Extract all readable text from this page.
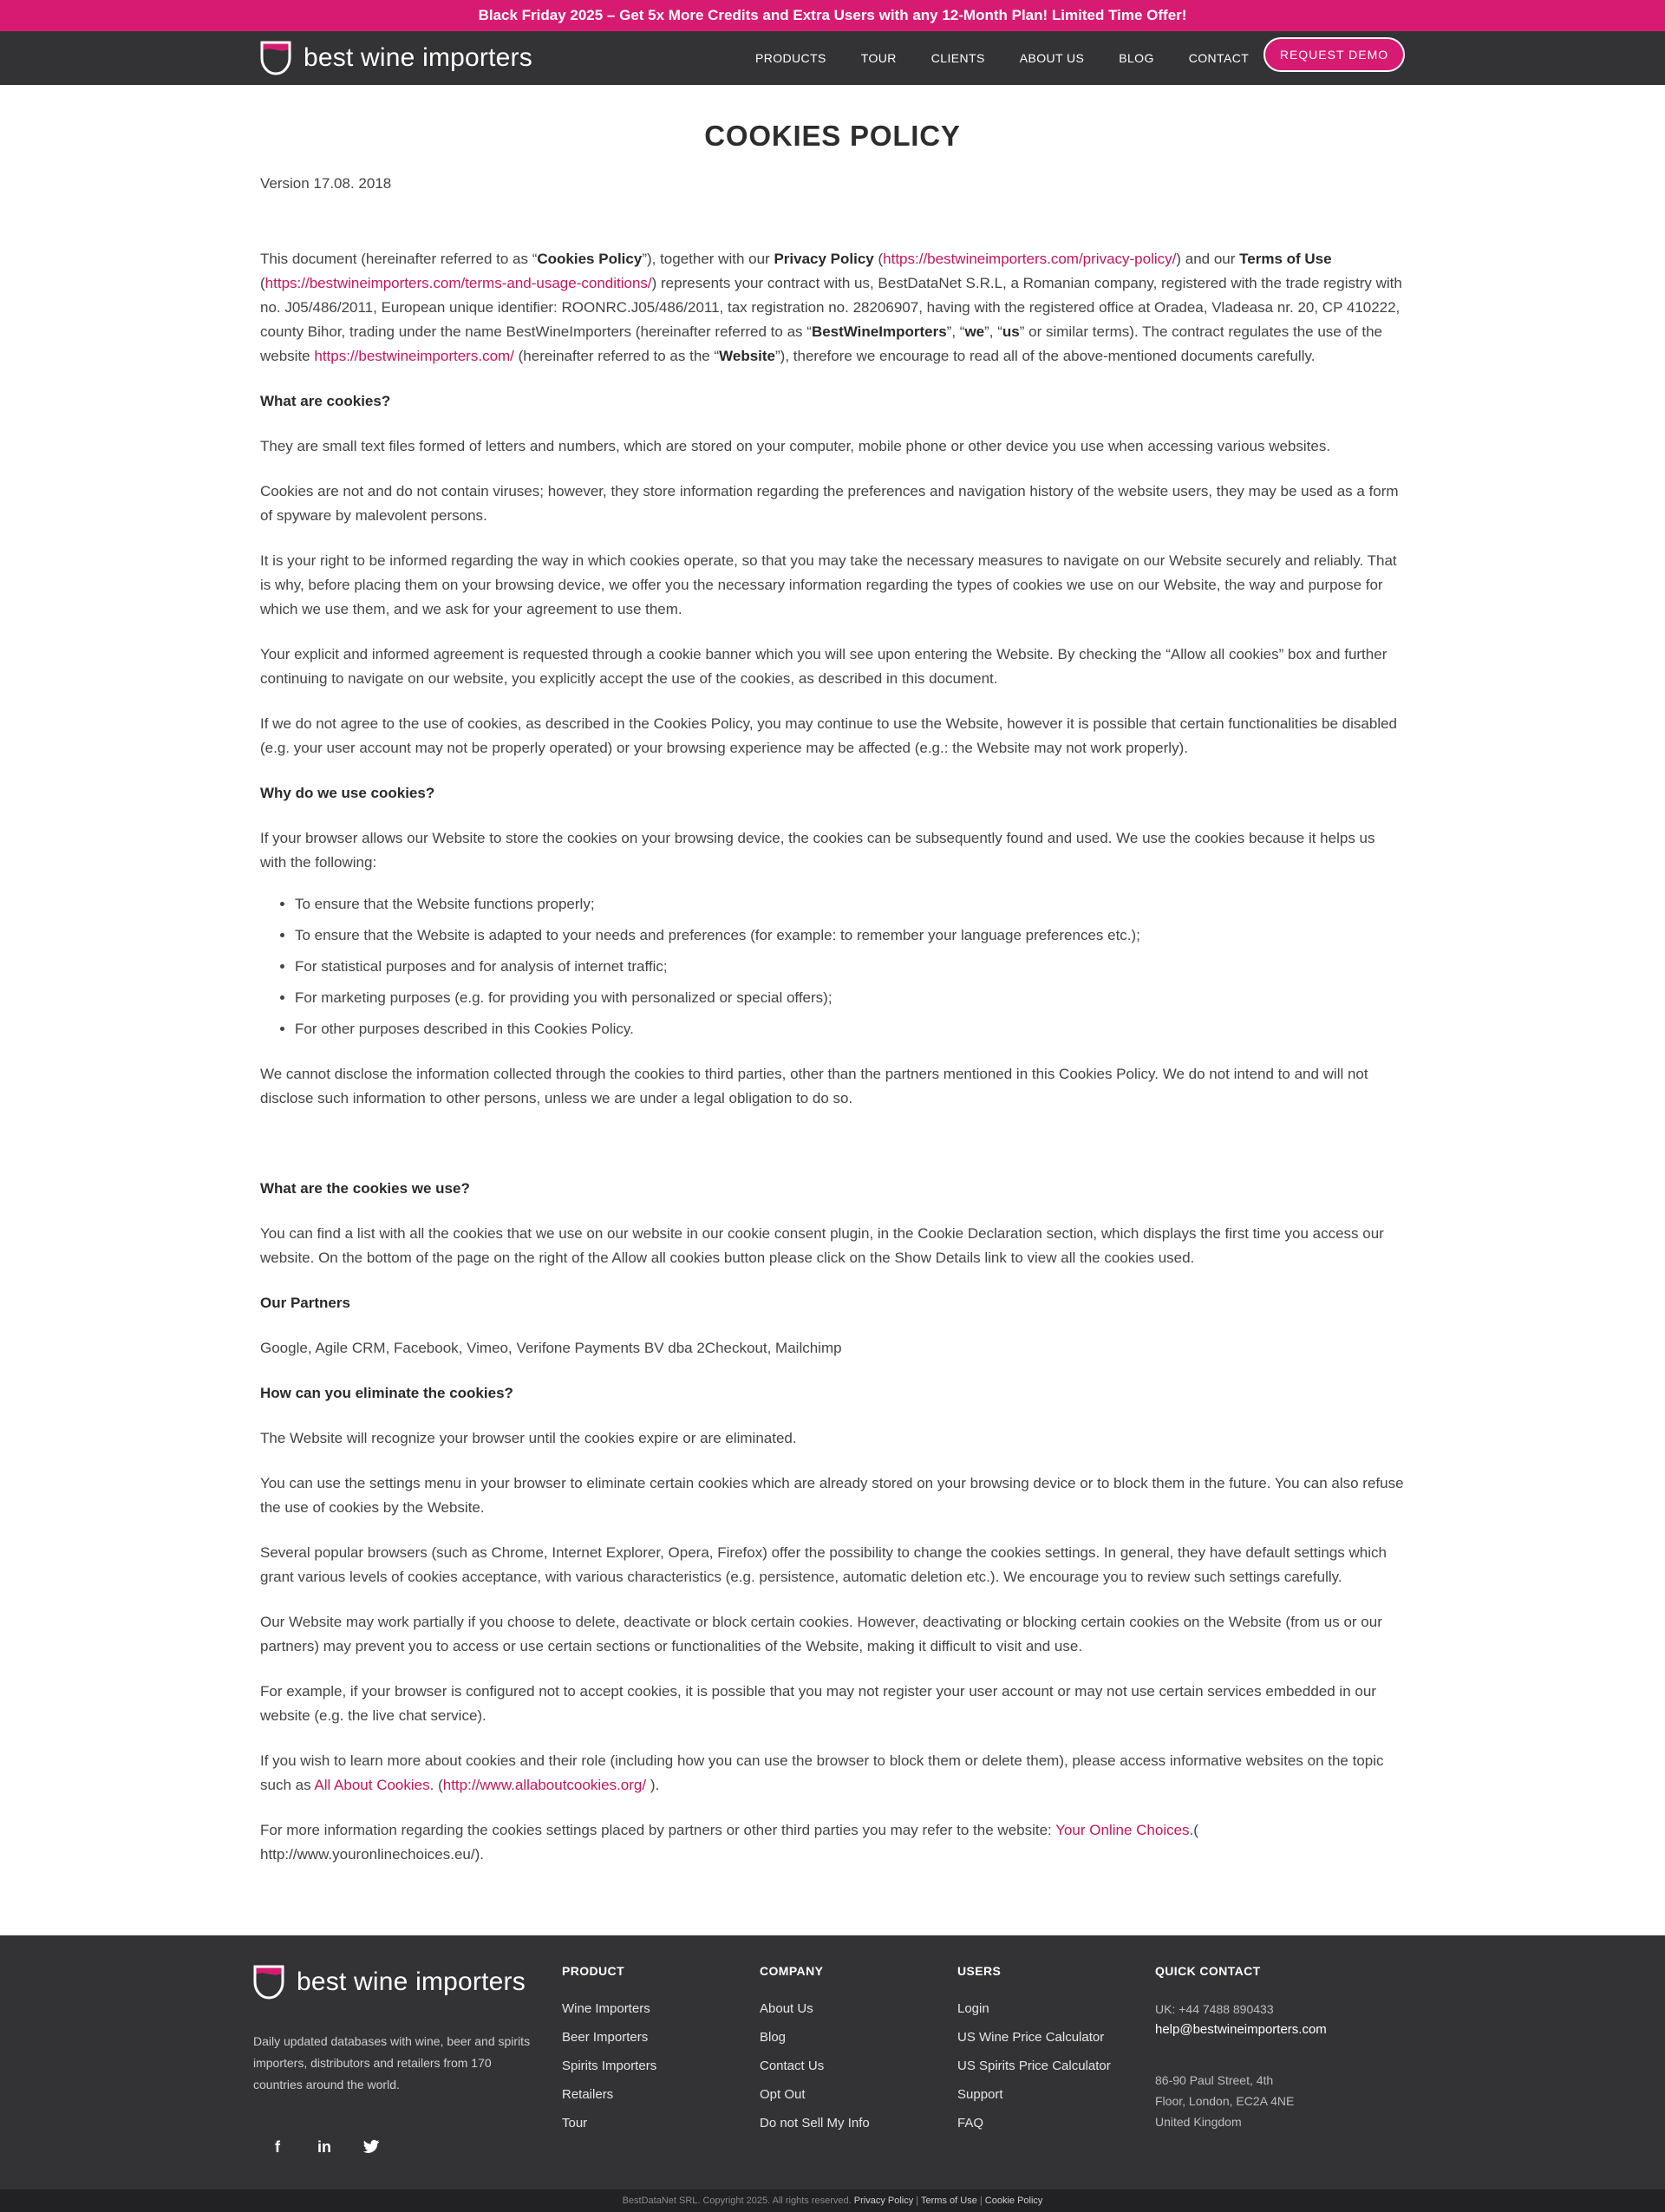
Black Friday 2025 – Get 5x More Credits and Extra Users with any 12-Month Plan! Limited Time Offer!
best wine importers	PRODUCTS	TOUR	CLIENTS	ABOUT US	BLOG	CONTACT	REQUEST DEMO
COOKIES POLICY
Version 17.08. 2018

This document (hereinafter referred to as “Cookies Policy”), together with our Privacy Policy (https://bestwineimporters.com/privacy-policy/) and our Terms of Use (https://bestwineimporters.com/terms-and-usage-conditions/) represents your contract with us, BestDataNet S.R.L, a Romanian company, registered with the trade registry with no. J05/486/2011, European unique identifier: ROONRC.J05/486/2011, tax registration no. 28206907, having with the registered office at Oradea, Vladeasa nr. 20, CP 410222, county Bihor, trading under the name BestWineImporters (hereinafter referred to as “BestWineImporters”, “we”, “us” or similar terms). The contract regulates the use of the website https://bestwineimporters.com/ (hereinafter referred to as the “Website”), therefore we encourage to read all of the above-mentioned documents carefully.

What are cookies?

They are small text files formed of letters and numbers, which are stored on your computer, mobile phone or other device you use when accessing various websites.

Cookies are not and do not contain viruses; however, they store information regarding the preferences and navigation history of the website users, they may be used as a form of spyware by malevolent persons.

It is your right to be informed regarding the way in which cookies operate, so that you may take the necessary measures to navigate on our Website securely and reliably. That is why, before placing them on your browsing device, we offer you the necessary information regarding the types of cookies we use on our Website, the way and purpose for which we use them, and we ask for your agreement to use them.

Your explicit and informed agreement is requested through a cookie banner which you will see upon entering the Website. By checking the “Allow all cookies” box and further continuing to navigate on our website, you explicitly accept the use of the cookies, as described in this document.

If we do not agree to the use of cookies, as described in the Cookies Policy, you may continue to use the Website, however it is possible that certain functionalities be disabled (e.g. your user account may not be properly operated) or your browsing experience may be affected (e.g.: the Website may not work properly).

Why do we use cookies?

If your browser allows our Website to store the cookies on your browsing device, the cookies can be subsequently found and used. We use the cookies because it helps us with the following:

• To ensure that the Website functions properly;
• To ensure that the Website is adapted to your needs and preferences (for example: to remember your language preferences etc.);
• For statistical purposes and for analysis of internet traffic;
• For marketing purposes (e.g. for providing you with personalized or special offers);
• For other purposes described in this Cookies Policy.

We cannot disclose the information collected through the cookies to third parties, other than the partners mentioned in this Cookies Policy. We do not intend to and will not disclose such information to other persons, unless we are under a legal obligation to do so.

What are the cookies we use?

You can find a list with all the cookies that we use on our website in our cookie consent plugin, in the Cookie Declaration section, which displays the first time you access our website. On the bottom of the page on the right of the Allow all cookies button please click on the Show Details link to view all the cookies used.

Our Partners

Google, Agile CRM, Facebook, Vimeo, Verifone Payments BV dba 2Checkout, Mailchimp

How can you eliminate the cookies?

The Website will recognize your browser until the cookies expire or are eliminated.

You can use the settings menu in your browser to eliminate certain cookies which are already stored on your browsing device or to block them in the future. You can also refuse the use of cookies by the Website.

Several popular browsers (such as Chrome, Internet Explorer, Opera, Firefox) offer the possibility to change the cookies settings. In general, they have default settings which grant various levels of cookies acceptance, with various characteristics (e.g. persistence, automatic deletion etc.). We encourage you to review such settings carefully.

Our Website may work partially if you choose to delete, deactivate or block certain cookies. However, deactivating or blocking certain cookies on the Website (from us or our partners) may prevent you to access or use certain sections or functionalities of the Website, making it difficult to visit and use.

For example, if your browser is configured not to accept cookies, it is possible that you may not register your user account or may not use certain services embedded in our website (e.g. the live chat service).

If you wish to learn more about cookies and their role (including how you can use the browser to block them or delete them), please access informative websites on the topic such as All About Cookies. (http://www.allaboutcookies.org/ ).

For more information regarding the cookies settings placed by partners or other third parties you may refer to the website: Your Online Choices.( http://www.youronlinechoices.eu/).

best wine importers
Daily updated databases with wine, beer and spirits importers, distributors and retailers from 170 countries around the world.
f	in
PRODUCT
Wine Importers
Beer Importers
Spirits Importers
Retailers
Tour
COMPANY
About Us
Blog
Contact Us
Opt Out
Do not Sell My Info
USERS
Login
US Wine Price Calculator
US Spirits Price Calculator
Support
FAQ
QUICK CONTACT
UK: +44 7488 890433
help@bestwineimporters.com
86-90 Paul Street, 4th
Floor, London, EC2A 4NE
United Kingdom
BestDataNet SRL. Copyright 2025. All rights reserved. Privacy Policy | Terms of Use | Cookie Policy
